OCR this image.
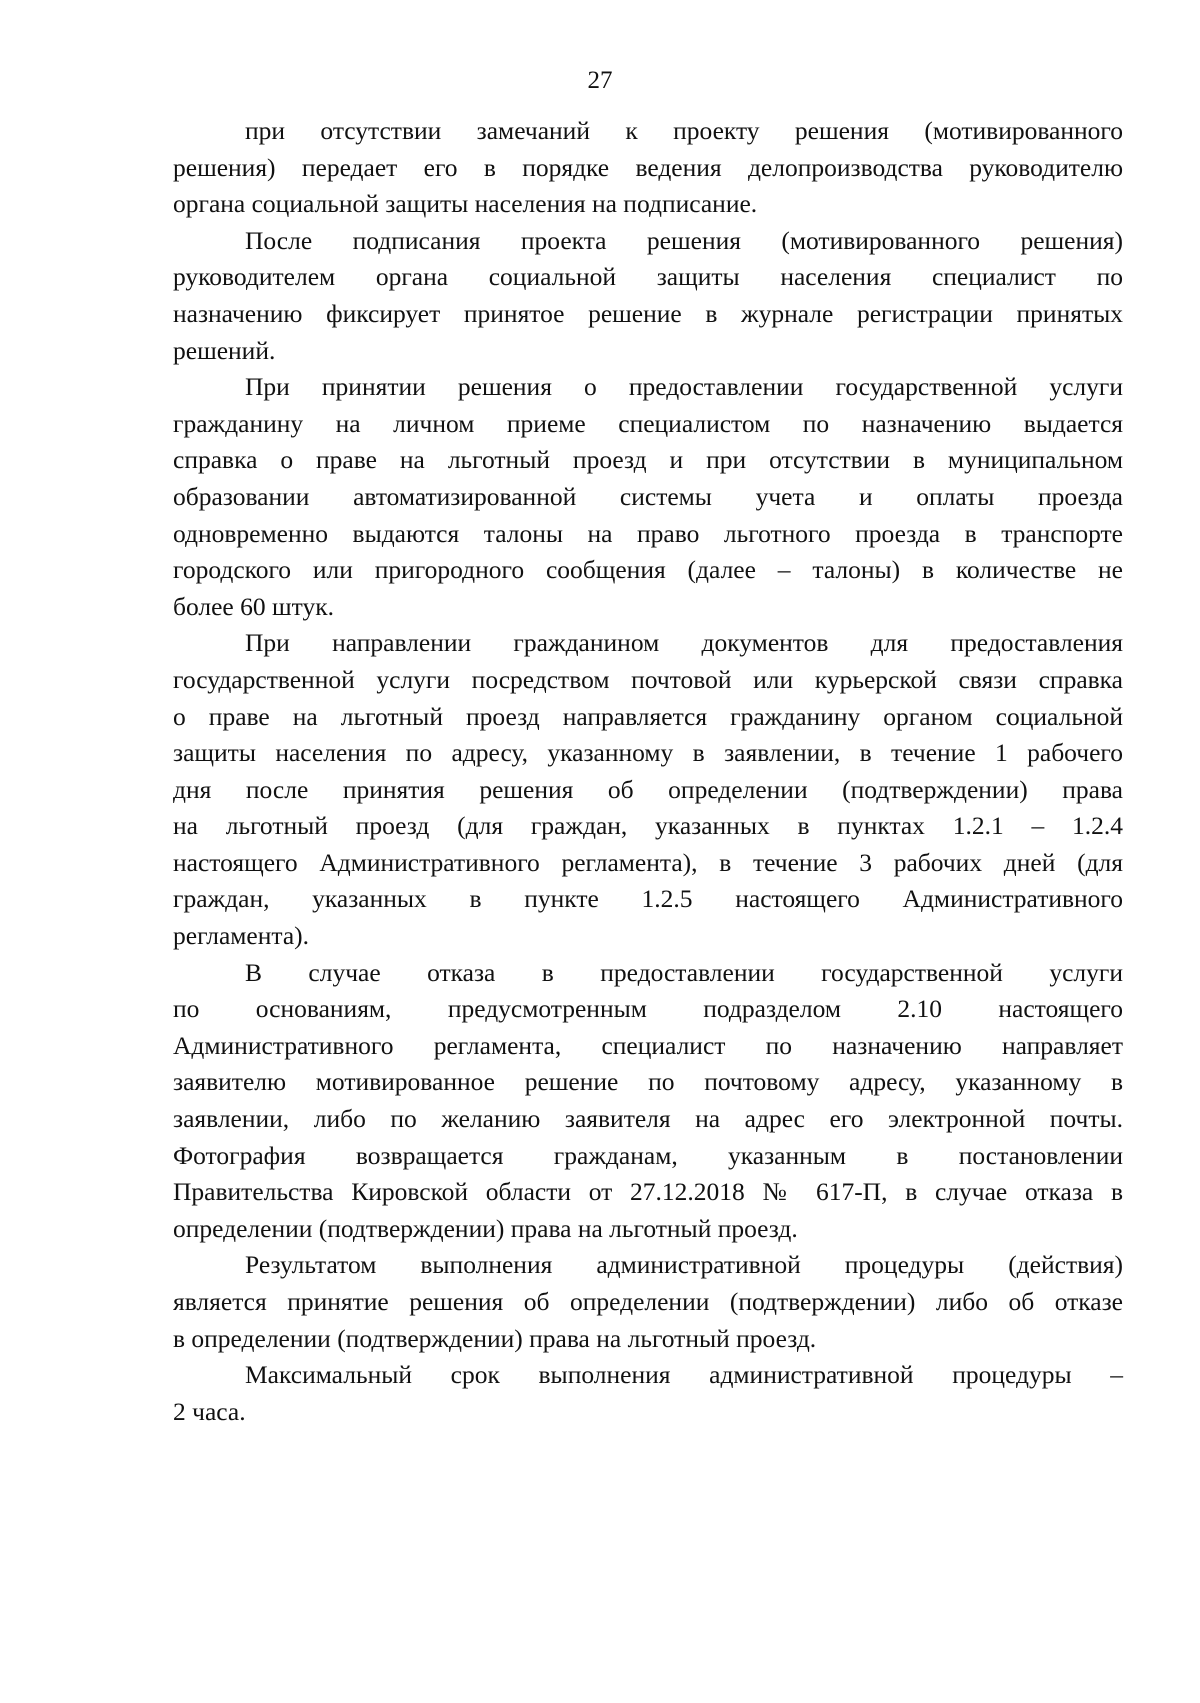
27
при отсутствии замечаний к проекту решения (мотивированного
решения) передает его в порядке ведения делопроизводства руководителю
органа социальной защиты населения на подписание.
После подписания проекта решения (мотивированного решения)
руководителем органа социальной защиты населения специалист по
назначению фиксирует принятое решение в журнале регистрации принятых
решений.
При принятии решения о предоставлении государственной услуги
гражданину на личном приеме специалистом по назначению выдается
справка о праве на льготный проезд и при отсутствии в муниципальном
образовании автоматизированной системы учета и оплаты проезда
одновременно выдаются талоны на право льготного проезда в транспорте
городского или пригородного сообщения (далее – талоны) в количестве не
более 60 штук.
При направлении гражданином документов для предоставления
государственной услуги посредством почтовой или курьерской связи справка
о праве на льготный проезд направляется гражданину органом социальной
защиты населения по адресу, указанному в заявлении, в течение 1 рабочего
дня после принятия решения об определении (подтверждении) права
на льготный проезд (для граждан, указанных в пунктах 1.2.1 – 1.2.4
настоящего Административного регламента), в течение 3 рабочих дней (для
граждан, указанных в пункте 1.2.5 настоящего Административного
регламента).
В случае отказа в предоставлении государственной услуги
по основаниям, предусмотренным подразделом 2.10 настоящего
Административного регламента, специалист по назначению направляет
заявителю мотивированное решение по почтовому адресу, указанному в
заявлении, либо по желанию заявителя на адрес его электронной почты.
Фотография возвращается гражданам, указанным в постановлении
Правительства Кировской области от 27.12.2018 № 617-П, в случае отказа в
определении (подтверждении) права на льготный проезд.
Результатом выполнения административной процедуры (действия)
является принятие решения об определении (подтверждении) либо об отказе
в определении (подтверждении) права на льготный проезд.
Максимальный срок выполнения административной процедуры –
2 часа.
